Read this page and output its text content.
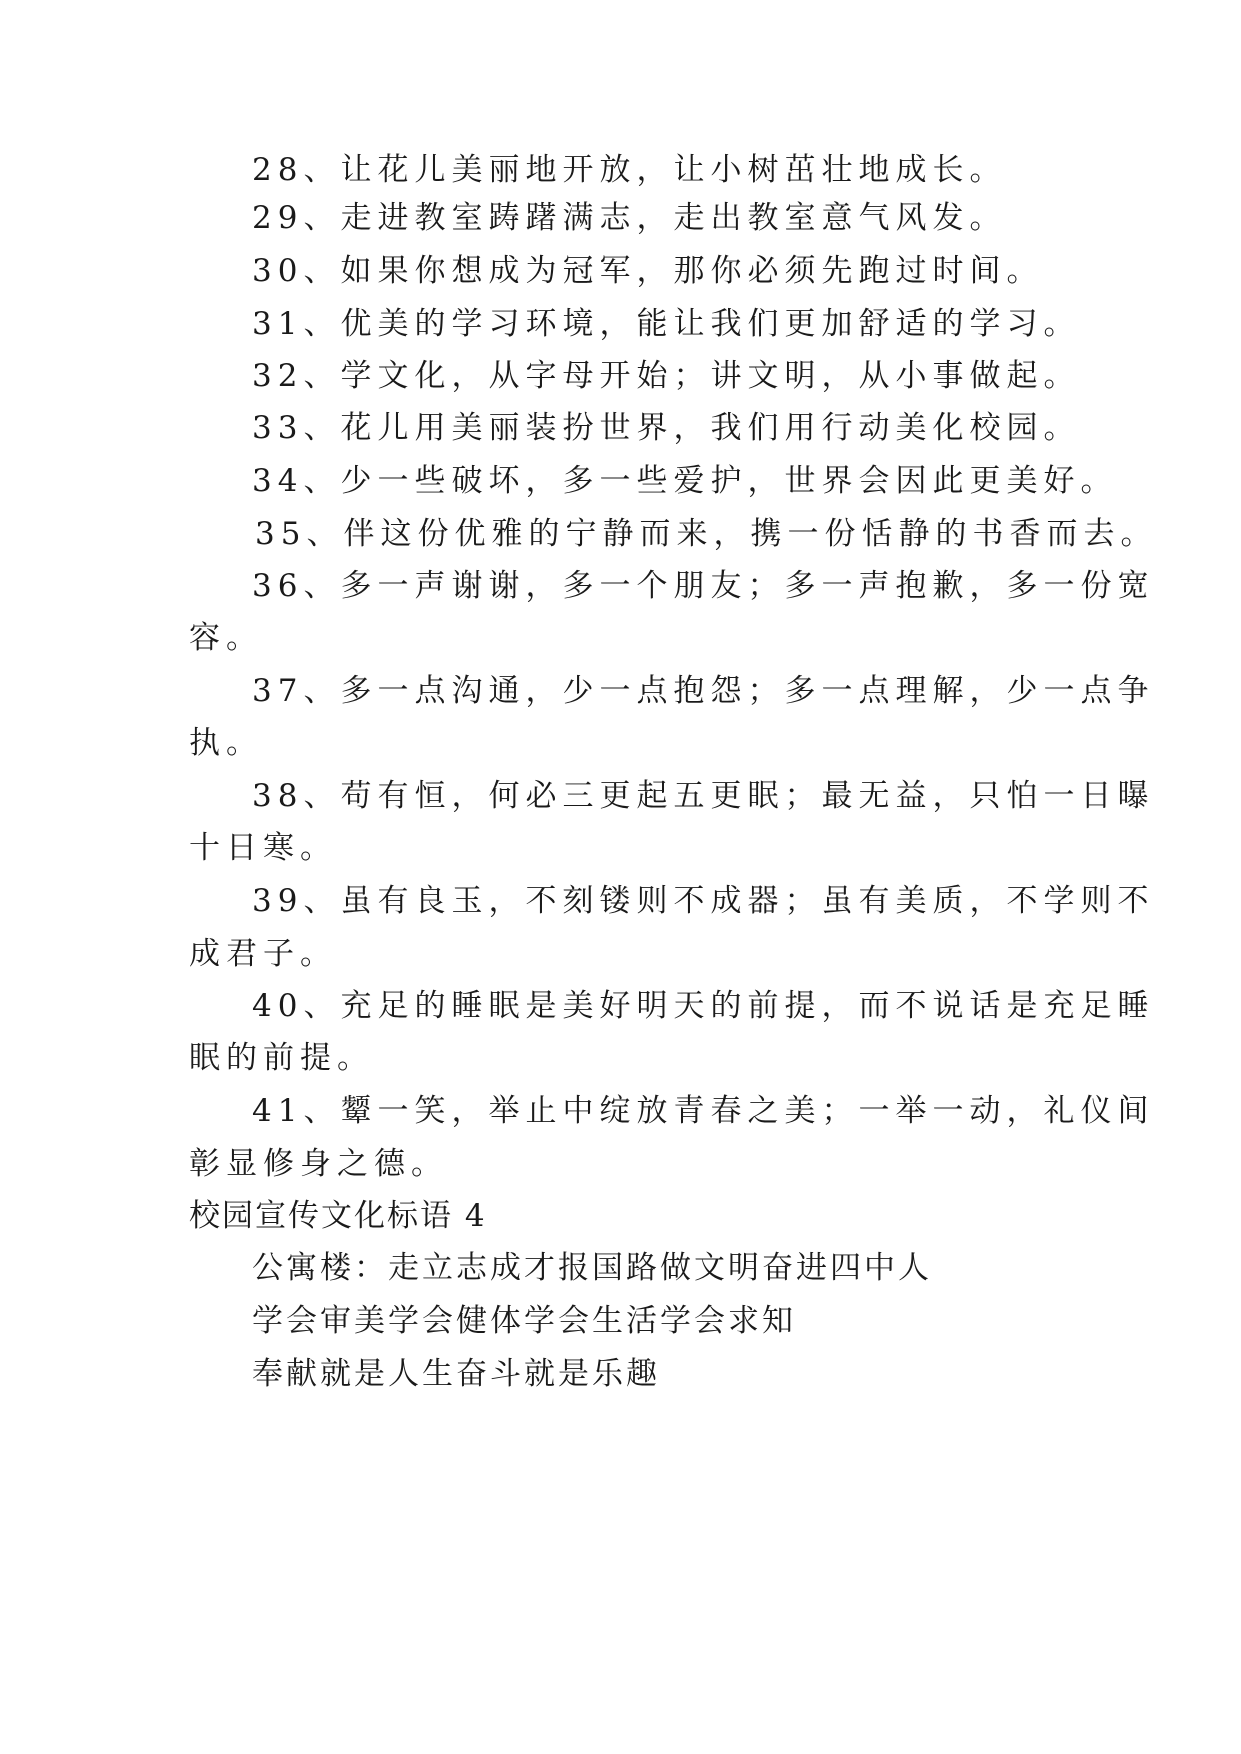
28、让花儿美丽地开放，让小树茁壮地成长。
29、走进教室踌躇满志，走出教室意气风发。
30、如果你想成为冠军，那你必须先跑过时间。
31、优美的学习环境，能让我们更加舒适的学习。
32、学文化，从字母开始；讲文明，从小事做起。
33、花儿用美丽装扮世界，我们用行动美化校园。
34、少一些破坏，多一些爱护，世界会因此更美好。
35、伴这份优雅的宁静而来，携一份恬静的书香而去。
36、多一声谢谢，多一个朋友；多一声抱歉，多一份宽
容。
37、多一点沟通，少一点抱怨；多一点理解，少一点争
执。
38、苟有恒，何必三更起五更眠；最无益，只怕一日曝
十日寒。
39、虽有良玉，不刻镂则不成器；虽有美质，不学则不
成君子。
40、充足的睡眠是美好明天的前提，而不说话是充足睡
眠的前提。
41、颦一笑，举止中绽放青春之美；一举一动，礼仪间
彰显修身之德。
校园宣传文化标语 4
公寓楼：走立志成才报国路做文明奋进四中人
学会审美学会健体学会生活学会求知
奉献就是人生奋斗就是乐趣
